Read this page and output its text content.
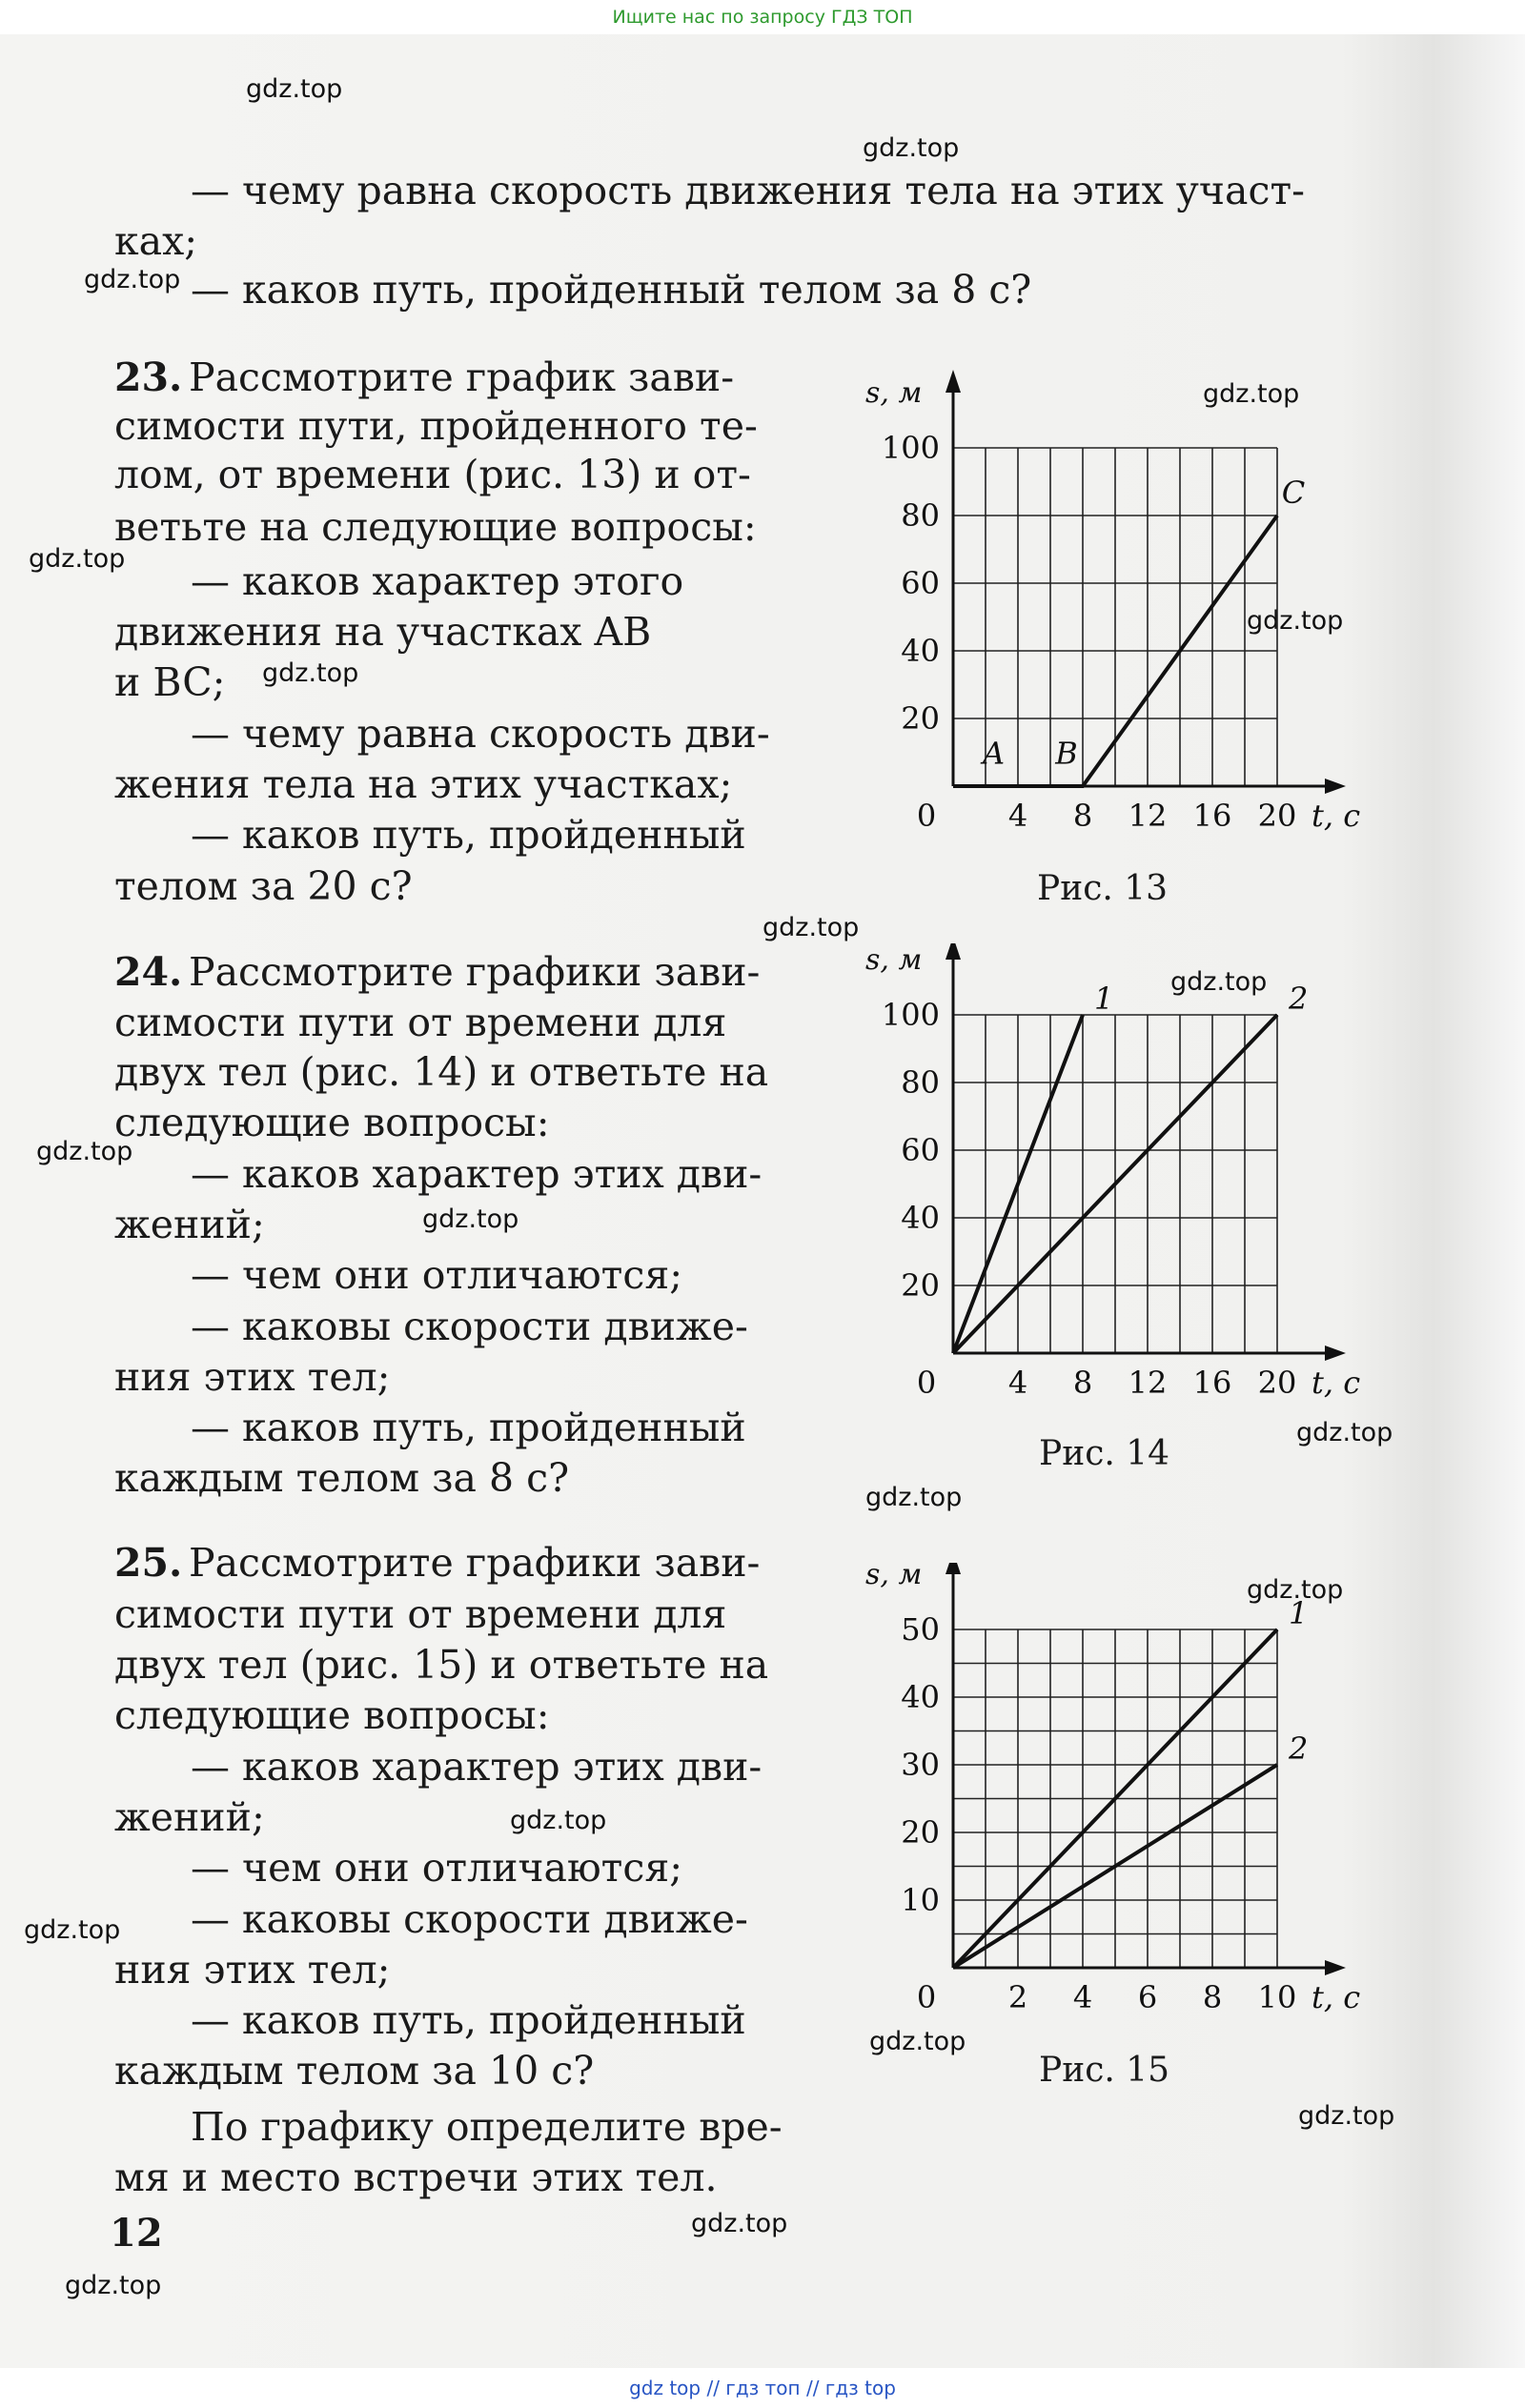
Ищите нас по запросу ГДЗ ТОП
gdz.top
gdz.top
gdz.top
gdz.top
gdz.top
gdz.top
gdz.top
gdz.top
gdz.top
gdz.top
gdz.top
gdz.top
gdz.top
gdz.top
gdz.top
gdz.top
gdz.top
gdz.top
gdz.top
gdz.top
— чему равна скорость движения тела на этих участ-
ках;
— каков путь, пройденный телом за 8 с?
23. Рассмотрите график зави-
симости пути, пройденного те-
лом, от времени (рис. 13) и от-
ветьте на следующие вопросы:
— каков характер этого
движения на участках AB
и BC;
— чему равна скорость дви-
жения тела на этих участках;
— каков путь, пройденный
телом за 20 с?
24. Рассмотрите графики зави-
симости пути от времени для
двух тел (рис. 14) и ответьте на
следующие вопросы:
— каков характер этих дви-
жений;
— чем они отличаются;
— каковы скорости движе-
ния этих тел;
— каков путь, пройденный
каждым телом за 8 с?
25. Рассмотрите графики зави-
симости пути от времени для
двух тел (рис. 15) и ответьте на
следующие вопросы:
— каков характер этих дви-
жений;
— чем они отличаются;
— каковы скорости движе-
ния этих тел;
— каков путь, пройденный
каждым телом за 10 с?
По графику определите вре-
мя и место встречи этих тел.
0 4 8 12 16 20
20
40
60
80
100
t, с
s, м
A B
C
Рис. 13
0 4 8 12 16 20
20
40
60
80
100
t, с
s, м
1	2
Рис. 14
0 2 4 6 8 10
10
20
30
40
50
t, с
s, м
1
2
Рис. 15
12
gdz top // гдз топ // гдз top
